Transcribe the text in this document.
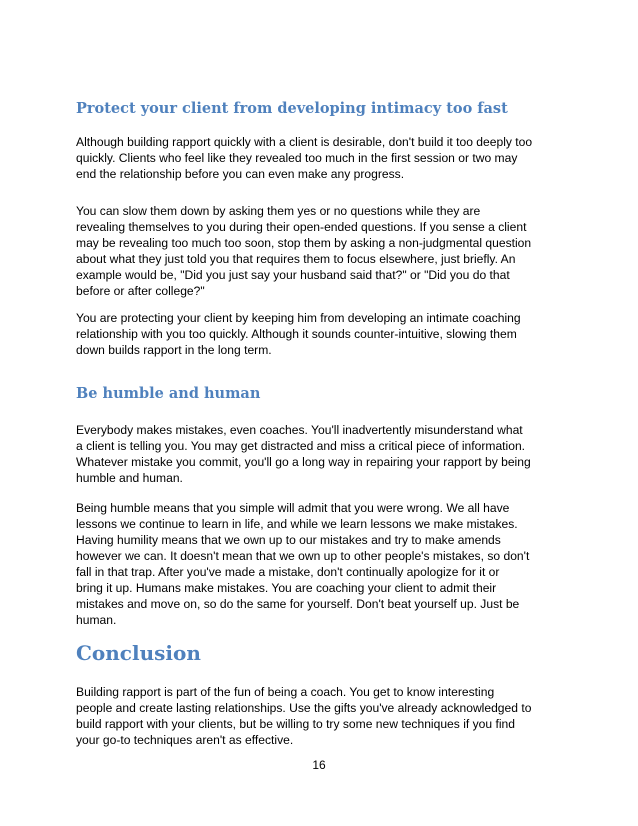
Protect your client from developing intimacy too fast

Although building rapport quickly with a client is desirable, don't build it too deeply too
quickly. Clients who feel like they revealed too much in the first session or two may
end the relationship before you can even make any progress.

You can slow them down by asking them yes or no questions while they are
revealing themselves to you during their open-ended questions. If you sense a client
may be revealing too much too soon, stop them by asking a non-judgmental question
about what they just told you that requires them to focus elsewhere, just briefly. An
example would be, "Did you just say your husband said that?" or "Did you do that
before or after college?"

You are protecting your client by keeping him from developing an intimate coaching
relationship with you too quickly. Although it sounds counter-intuitive, slowing them
down builds rapport in the long term.

Be humble and human

Everybody makes mistakes, even coaches. You'll inadvertently misunderstand what
a client is telling you. You may get distracted and miss a critical piece of information.
Whatever mistake you commit, you'll go a long way in repairing your rapport by being
humble and human.

Being humble means that you simple will admit that you were wrong. We all have
lessons we continue to learn in life, and while we learn lessons we make mistakes.
Having humility means that we own up to our mistakes and try to make amends
however we can. It doesn't mean that we own up to other people's mistakes, so don't
fall in that trap. After you've made a mistake, don't continually apologize for it or
bring it up. Humans make mistakes. You are coaching your client to admit their
mistakes and move on, so do the same for yourself. Don't beat yourself up. Just be
human.

Conclusion

Building rapport is part of the fun of being a coach. You get to know interesting
people and create lasting relationships. Use the gifts you've already acknowledged to
build rapport with your clients, but be willing to try some new techniques if you find
your go-to techniques aren't as effective.

16
